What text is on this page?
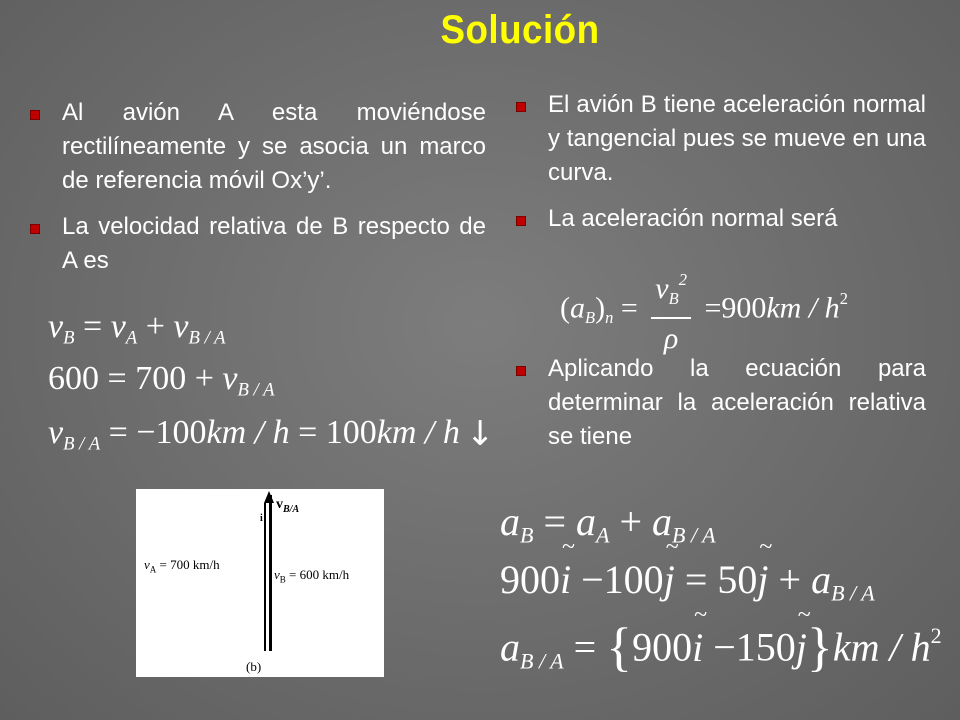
Solución
Al avión A esta moviéndose rectilíneamente y se asocia un marco de referencia móvil Ox’y’.
La velocidad relativa de B respecto de A es
$v_B = v_A + v_{B / A}$
$600 = 700 + v_{B / A}$
$v_{B / A} = -100km / h = 100km / h$ ↓
El avión B tiene aceleración normal y tangencial pues se mueve en una curva.
La aceleración normal será
Aplicando la ecuación para determinar la aceleración relativa se tiene
$(a_B)_n = \frac{v_B^2}{\rho} =900km / h^2$
$a_B = a_A + a_{B / A}$
900~ i −100~ j = 50~ $j + a_{B / A}$
$a_{B / A}$ = {900~ i −150~ $j\}km / h^2$
$v_{B/A}$
i
$v_A = 700$ km/h
$v_B = 600$ km/h
(b)
